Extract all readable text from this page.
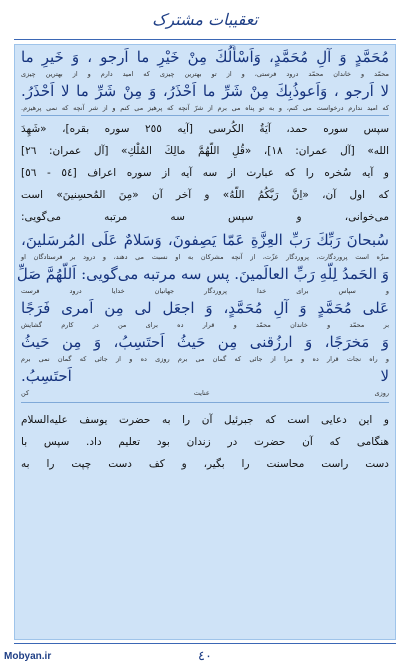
تعقیبات مشترک
مُحَمَّدٍ وَ آلِ مُحَمَّدٍ، وَاَسْأَلُكَ مِنْ خَيْرِ ما اَرجو ، وَ خَيرِ ما
محمّد و خاندان محمّد درود فرستی، و از تو بهترین چیزی که امید دارم و از بهترین چیزی
لا اَرجو ، وَاَعوذُبِكَ مِنْ شَرِّ ما اَحْذَرُ، وَ مِنْ شَرِّ ما لا اَحْذَرُ.
که امید ندارم درخواست می کنم، و به تو پناه می برم از شرّ آنچه که پرهیز می کنم و از شر آنچه که نمی پرهیزم.
سپس سوره حمد، آيَةُ الكُرسى [آيه ٢٥٥ سوره بقره]، «شَهِدَ
الله» [آل عمران: ١٨]، «قُلِ اللّهُمَّ مالِكَ المُلْكِ» [آل عمران: ٢٦]
و آيه سُخره را که عبارت از سه آيه از سوره اعراف [٥٤ - ٥٦]
كه اول آن، «اِنَّ رَبَّكُمُ اللّهُ» و آخر آن «مِنَ المُحسِنينَ» است
مى‌خوانى، و سپس سه مرتبه مى‌گويى:
سُبحانَ رَبِّكَ رَبِّ العِزَّةِ عَمّا يَصِفونَ، وَسَلامٌ عَلَى المُرسَلينَ،
منزّه است پروردگارت، پروردگار عزّت، از آنچه مشرکان به او نسبت می دهند، و درود بر فرستادگان او
وَ الحَمدُ لِلّهِ رَبِّ العالَمينَ. پس سه مرتبه مى‌گويى: اَللّهُمَّ صَلِّ
و سپاس برای خدا پروردگار جهانیان خدایا درود فرست
عَلى مُحَمَّدٍ وَ آلِ مُحَمَّدٍ، وَ اجعَل لى مِن اَمرى فَرَجًا
بر محمّد و خاندان محمّد و قرار ده برای من در کارم گشایش
وَ مَخرَجًا، وَ ارزُقنى مِن حَيثُ اَحتَسِبُ، وَ مِن حَيثُ
و راه نجات قرار ده و مرا از جائی که گمان می برم روزی ده و از جائی که گمان نمی برم
لا اَحتَسِبُ.
روزی عنایت کن
و اين دعايى است كه جبرئيل آن را به حضرت يوسف عليه‌السلام
هنگامى كه آن حضرت در زندان بود تعليم داد. سپس با
دست راست محاسنت را بگير، و كف دست چپت را به
Mobyan.ir	٤٠
